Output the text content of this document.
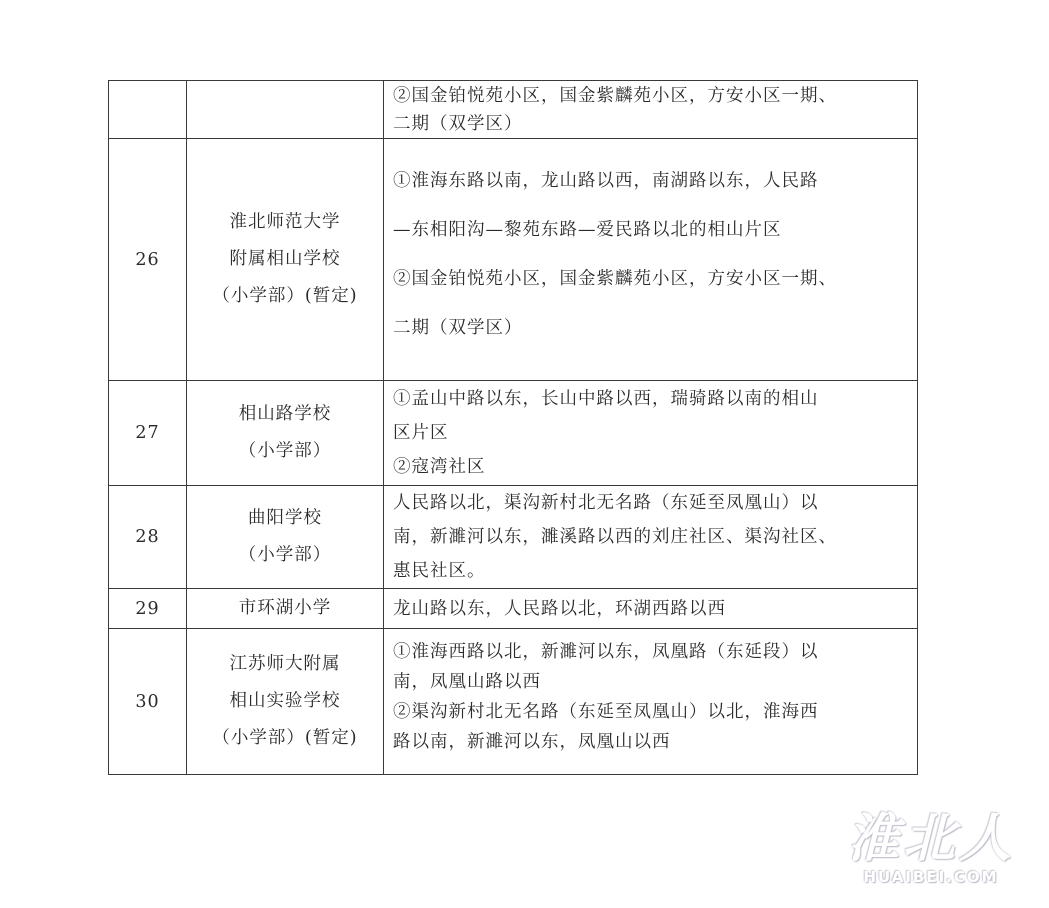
		②国金铂悦苑小区，国金紫麟苑小区，方安小区一期、
二期（双学区）

26	淮北师范大学
附属相山学校
（小学部）(暂定)	①淮海东路以南，龙山路以西，南湖路以东，人民路
—东相阳沟—黎苑东路—爱民路以北的相山片区
②国金铂悦苑小区，国金紫麟苑小区，方安小区一期、
二期（双学区）

27	相山路学校
（小学部）	①孟山中路以东，长山中路以西，瑞骑路以南的相山
区片区
②寇湾社区

28	曲阳学校
（小学部）	人民路以北，渠沟新村北无名路（东延至凤凰山）以
南，新濉河以东，濉溪路以西的刘庄社区、渠沟社区、
惠民社区。

29	市环湖小学	龙山路以东，人民路以北，环湖西路以西

30	江苏师大附属
相山实验学校
（小学部）(暂定)	①淮海西路以北，新濉河以东，凤凰路（东延段）以
南，凤凰山路以西
②渠沟新村北无名路（东延至凤凰山）以北，淮海西
路以南，新濉河以东，凤凰山以西
淮北人
HUAIBEI.COM
